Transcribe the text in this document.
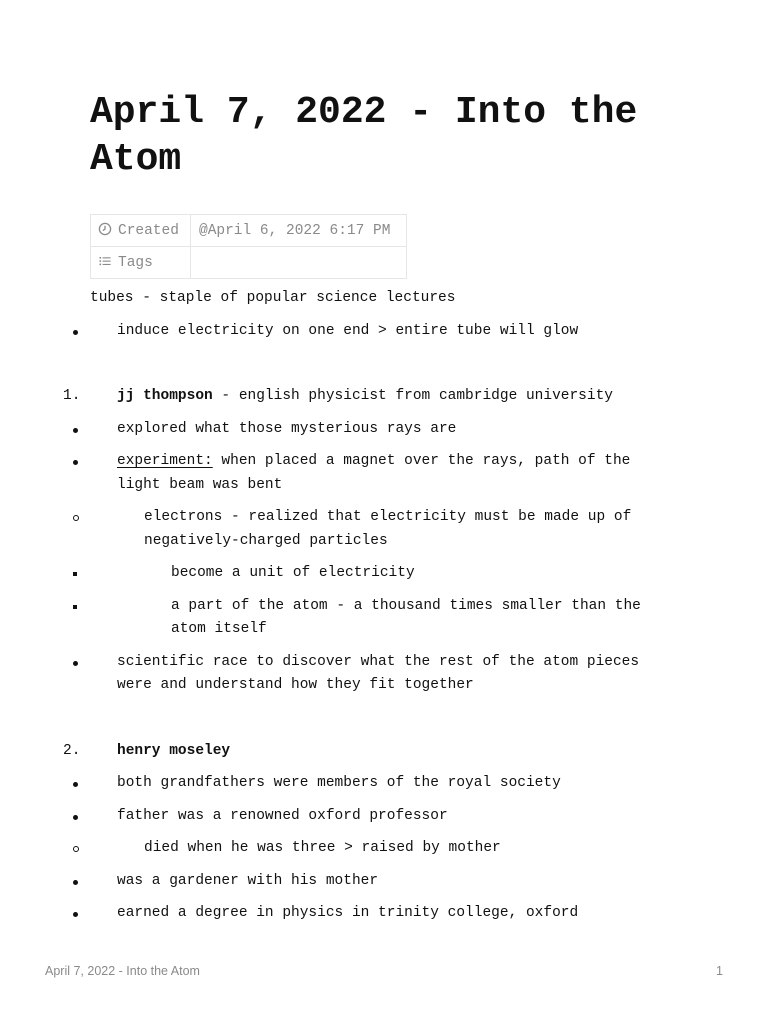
April 7, 2022 - Into the Atom
Created	@April 6, 2022 6:17 PM
Tags	

tubes - staple of popular science lectures

induce electricity on one end > entire tube will glow
1.	jj thompson - english physicist from cambridge university
explored what those mysterious rays are
experiment: when placed a magnet over the rays, path of the light beam was bent
electrons - realized that electricity must be made up of negatively-charged particles
become a unit of electricity
a part of the atom - a thousand times smaller than the atom itself
scientific race to discover what the rest of the atom pieces were and understand how they fit together
2.	henry moseley
both grandfathers were members of the royal society
father was a renowned oxford professor
died when he was three > raised by mother
was a gardener with his mother
earned a degree in physics in trinity college, oxford
April 7, 2022 - Into the Atom	1
